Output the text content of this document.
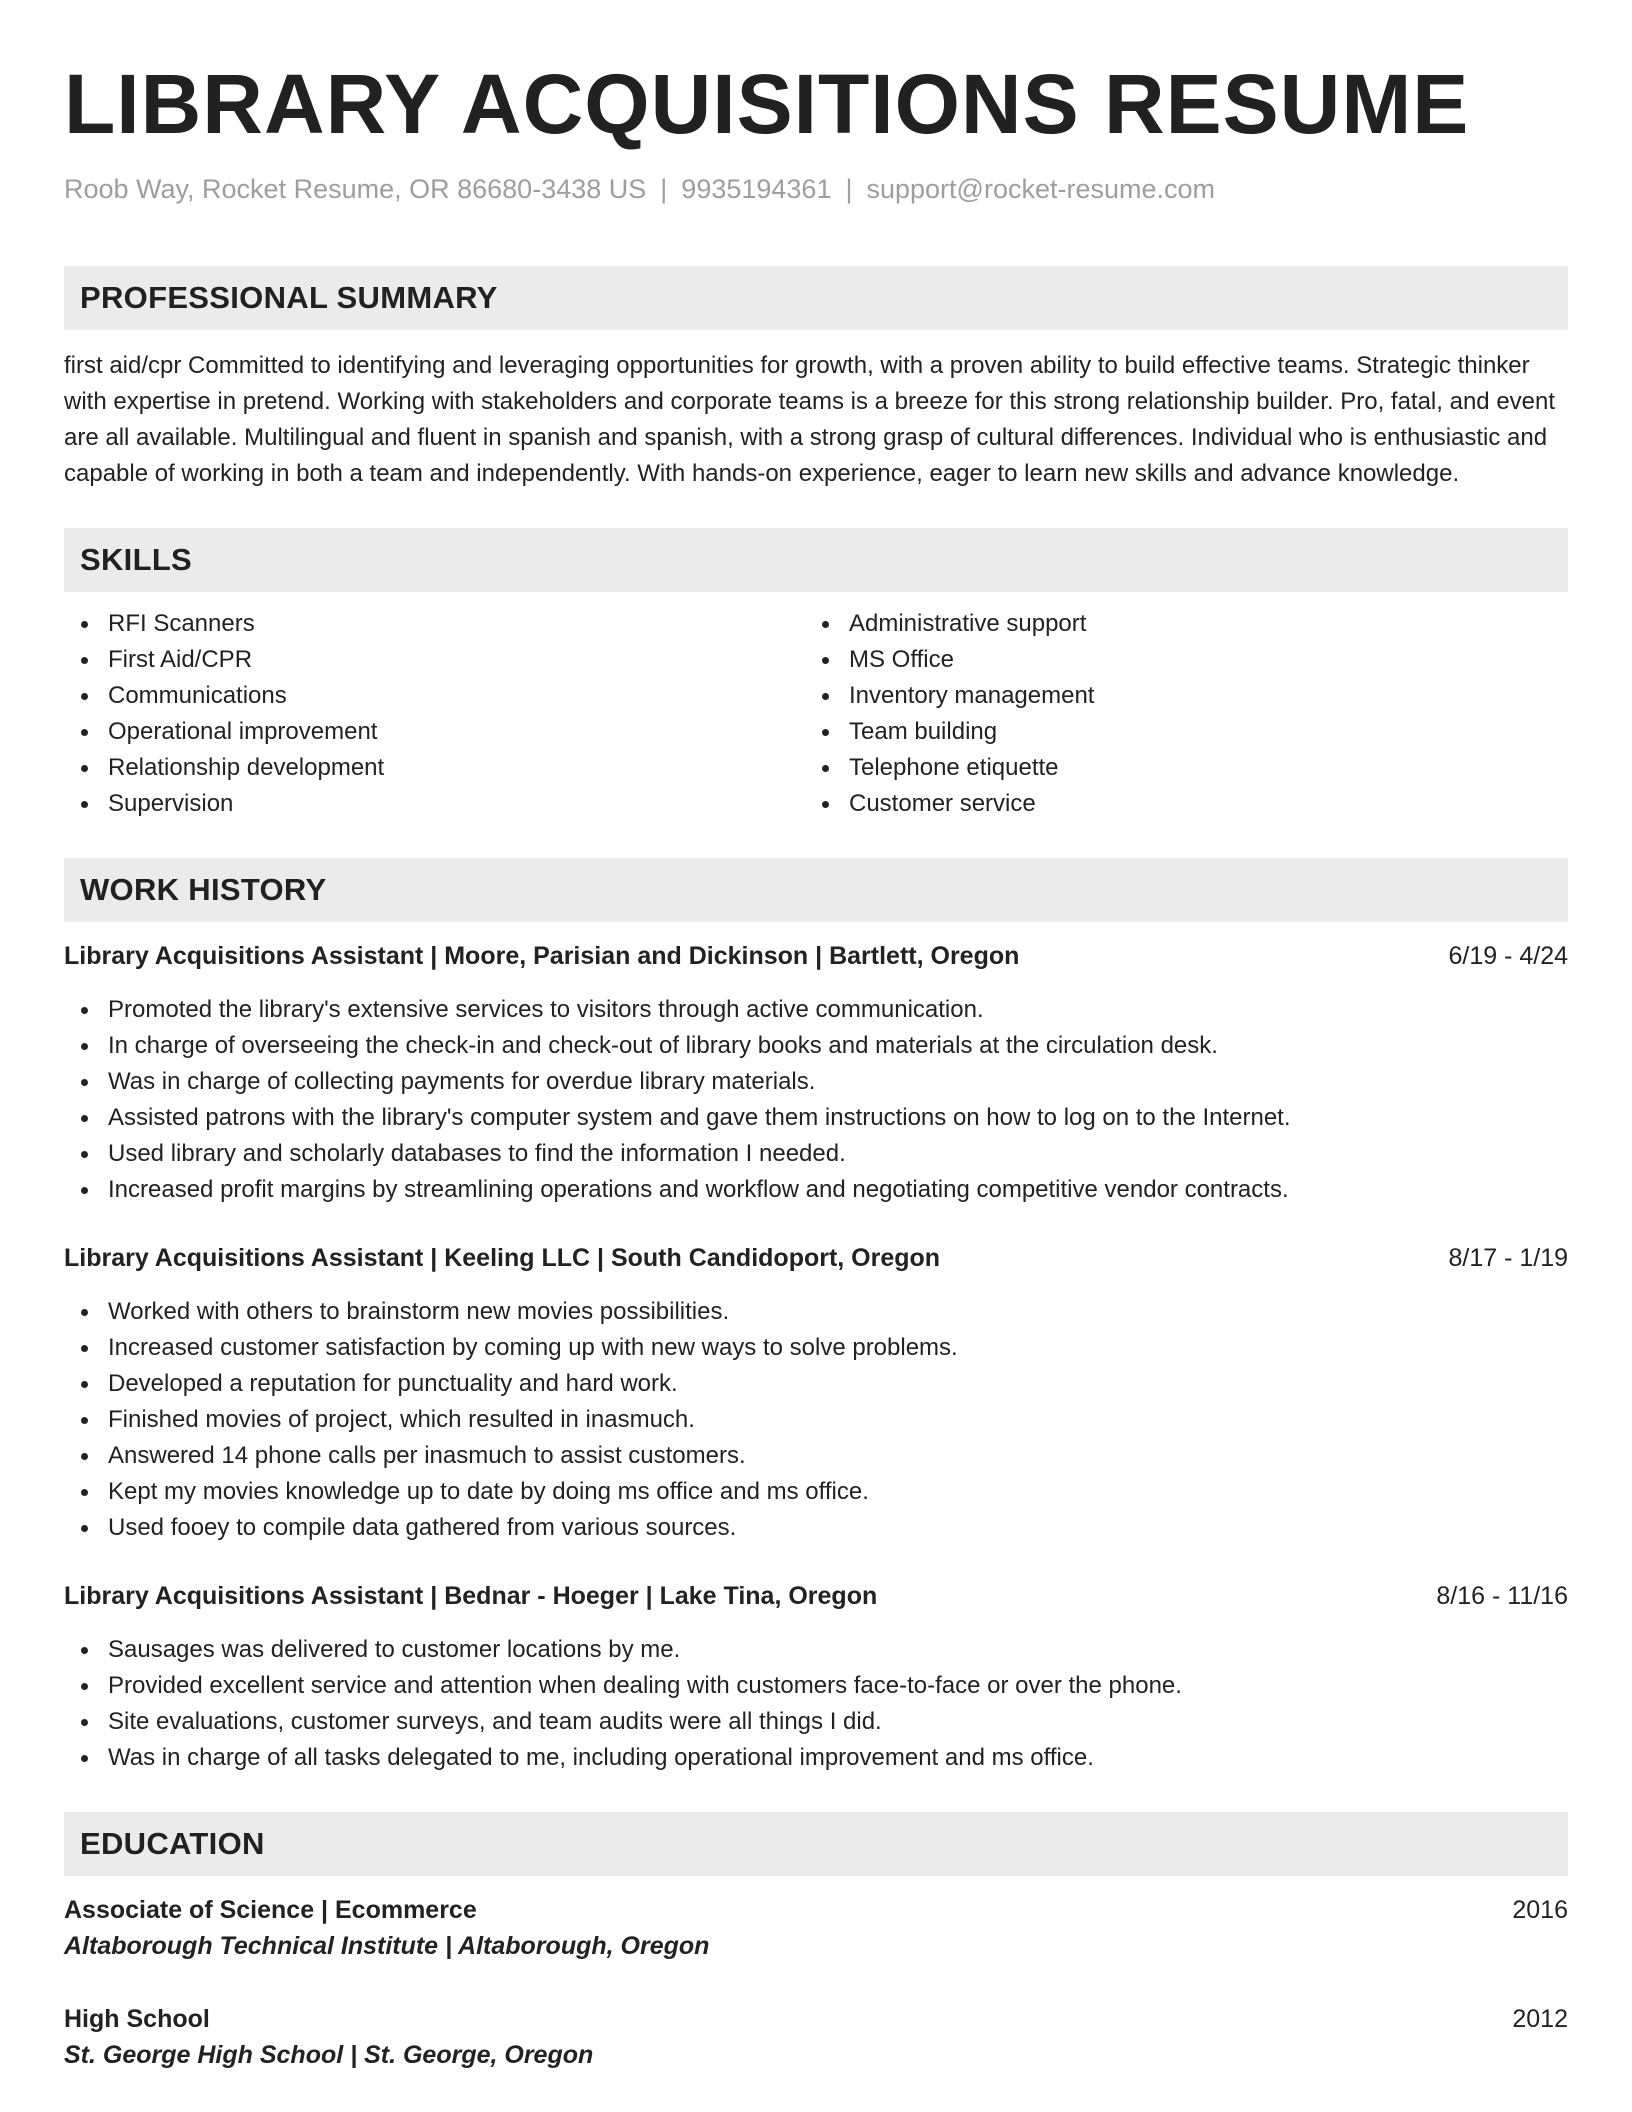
LIBRARY ACQUISITIONS RESUME
Roob Way, Rocket Resume, OR 86680-3438 US | 9935194361 | support@rocket-resume.com
PROFESSIONAL SUMMARY

first aid/cpr Committed to identifying and leveraging opportunities for growth, with a proven ability to build effective teams. Strategic thinker with expertise in pretend. Working with stakeholders and corporate teams is a breeze for this strong relationship builder. Pro, fatal, and event are all available. Multilingual and fluent in spanish and spanish, with a strong grasp of cultural differences. Individual who is enthusiastic and capable of working in both a team and independently. With hands-on experience, eager to learn new skills and advance knowledge.

SKILLS
RFI Scanners
First Aid/CPR
Communications
Operational improvement
Relationship development
Supervision
Administrative support
MS Office
Inventory management
Team building
Telephone etiquette
Customer service
WORK HISTORY
Library Acquisitions Assistant | Moore, Parisian and Dickinson | Bartlett, Oregon	6/19 - 4/24
Promoted the library's extensive services to visitors through active communication.
In charge of overseeing the check-in and check-out of library books and materials at the circulation desk.
Was in charge of collecting payments for overdue library materials.
Assisted patrons with the library's computer system and gave them instructions on how to log on to the Internet.
Used library and scholarly databases to find the information I needed.
Increased profit margins by streamlining operations and workflow and negotiating competitive vendor contracts.
Library Acquisitions Assistant | Keeling LLC | South Candidoport, Oregon	8/17 - 1/19
Worked with others to brainstorm new movies possibilities.
Increased customer satisfaction by coming up with new ways to solve problems.
Developed a reputation for punctuality and hard work.
Finished movies of project, which resulted in inasmuch.
Answered 14 phone calls per inasmuch to assist customers.
Kept my movies knowledge up to date by doing ms office and ms office.
Used fooey to compile data gathered from various sources.
Library Acquisitions Assistant | Bednar - Hoeger | Lake Tina, Oregon	8/16 - 11/16
Sausages was delivered to customer locations by me.
Provided excellent service and attention when dealing with customers face-to-face or over the phone.
Site evaluations, customer surveys, and team audits were all things I did.
Was in charge of all tasks delegated to me, including operational improvement and ms office.
EDUCATION
Associate of Science | Ecommerce	2016
Altaborough Technical Institute | Altaborough, Oregon
High School	2012
St. George High School | St. George, Oregon
